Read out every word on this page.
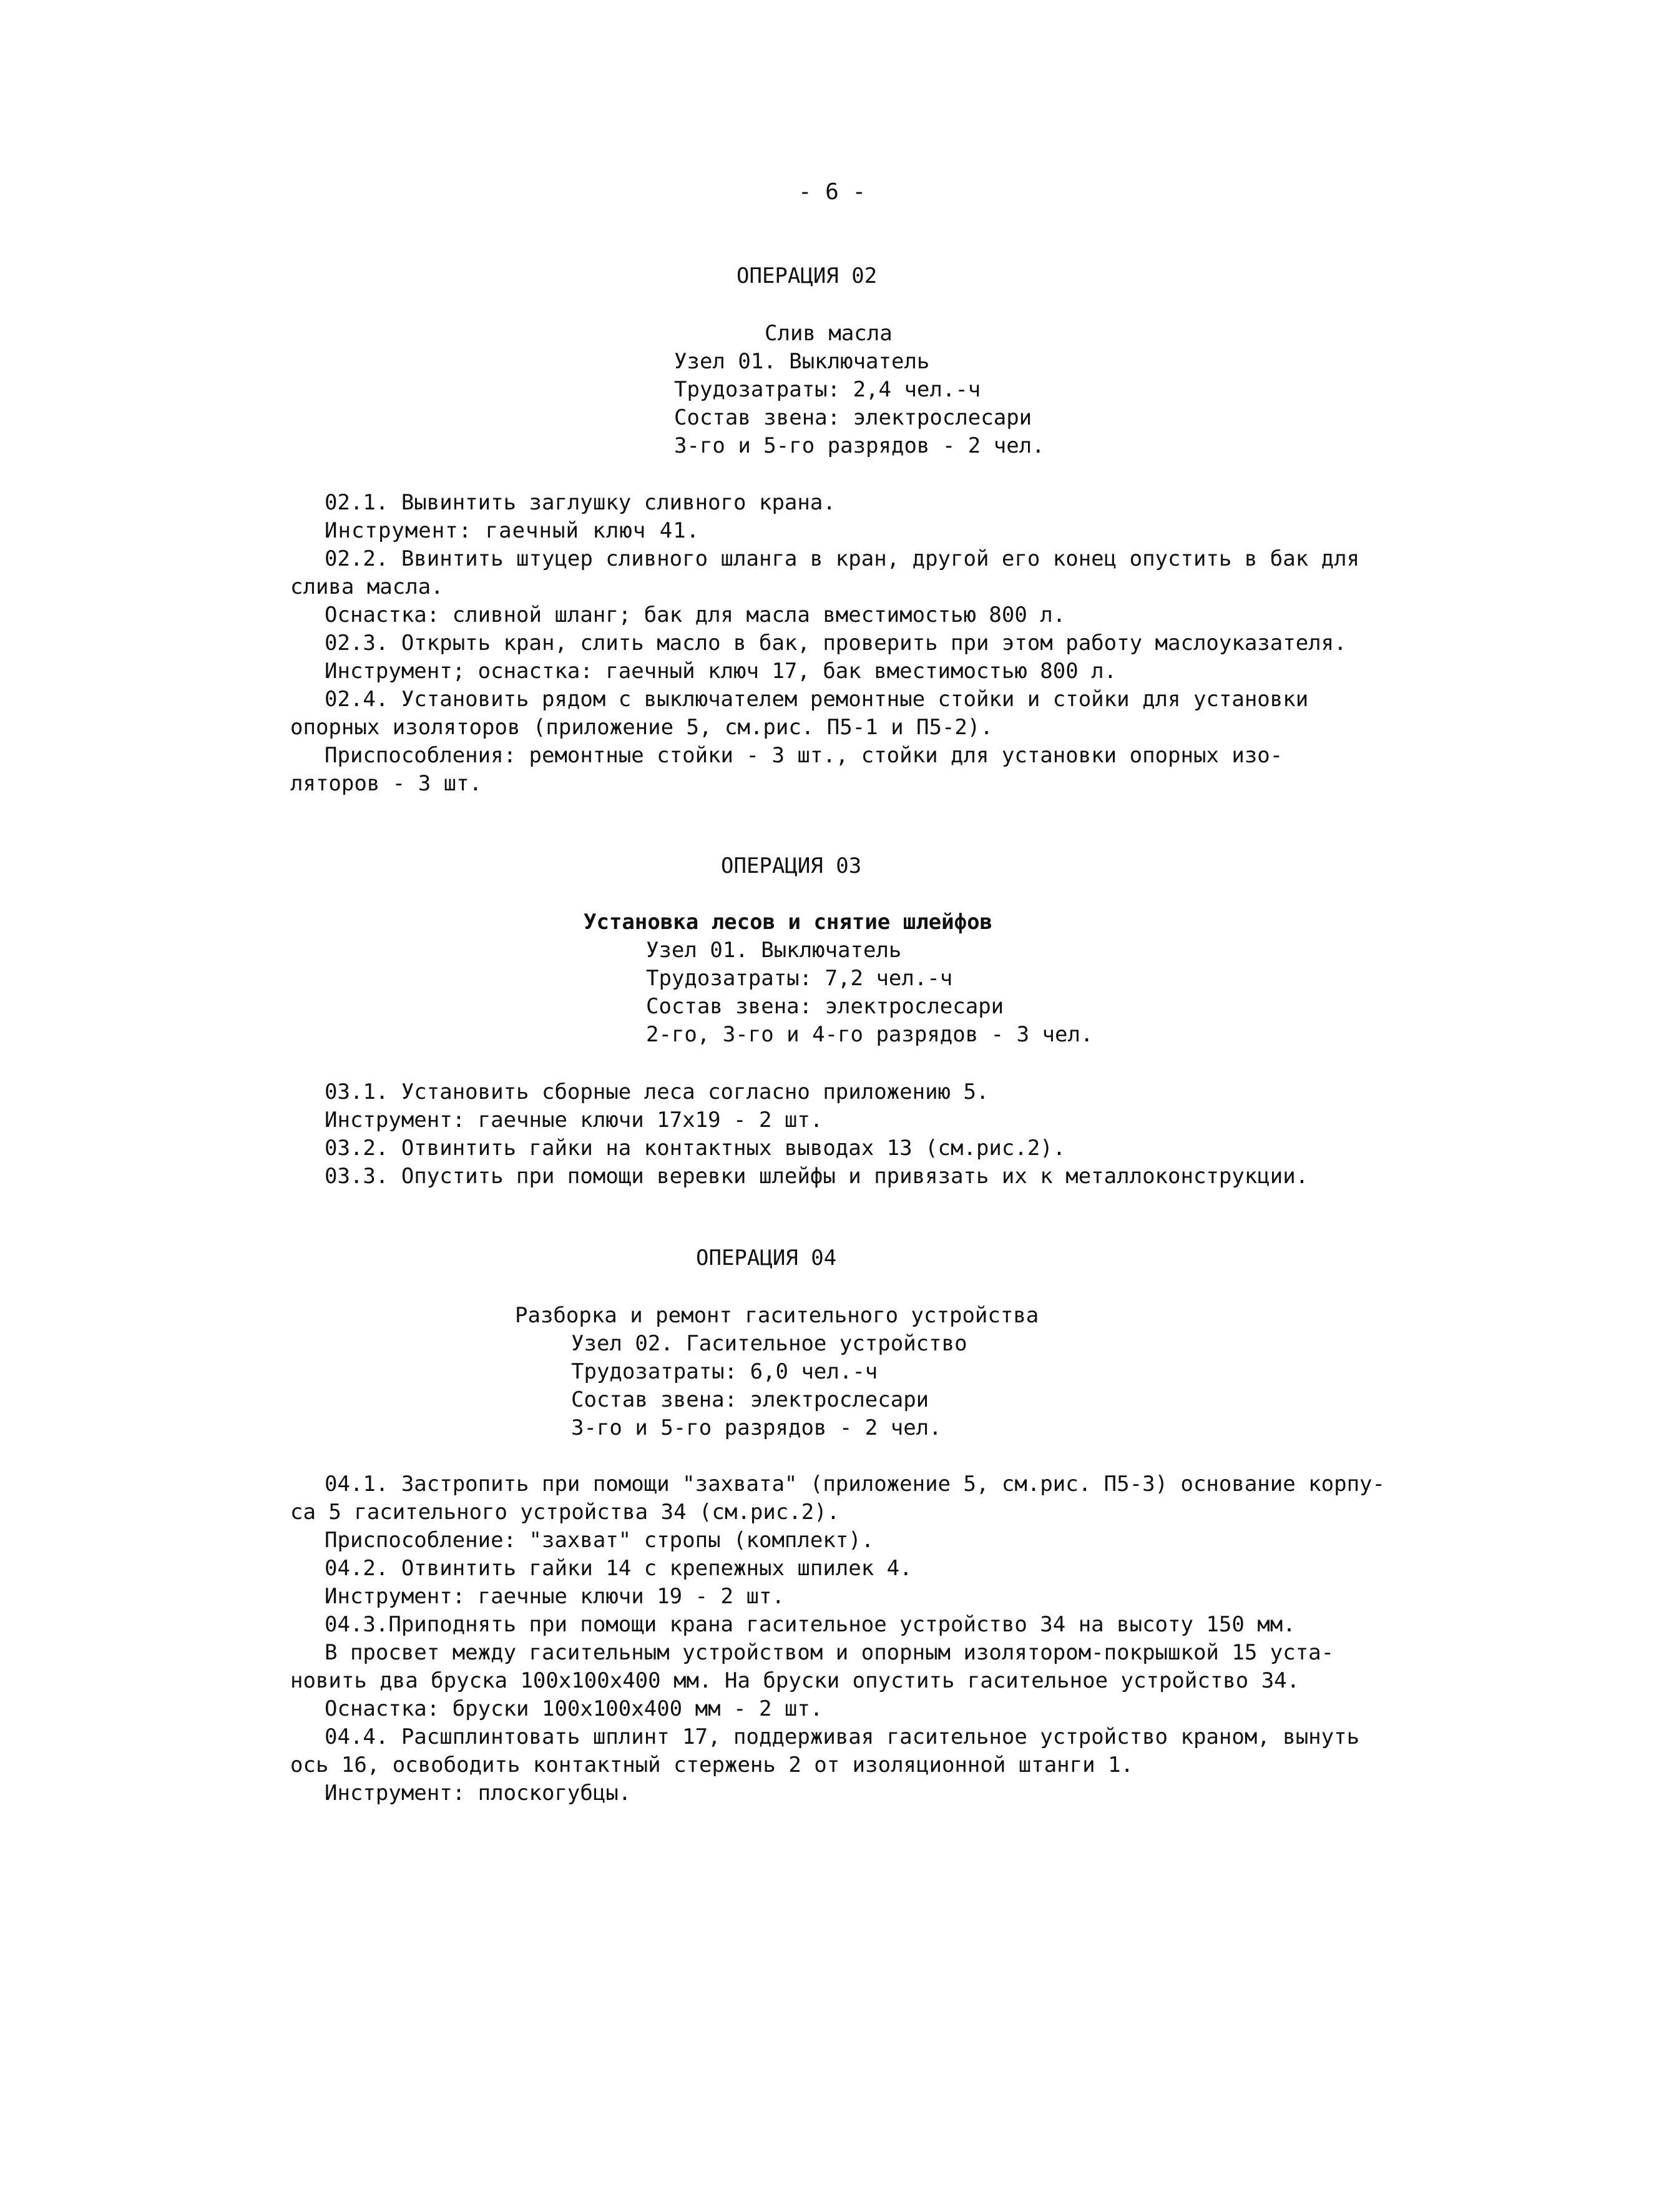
- 6 -
ОПЕРАЦИЯ 02
Слив масла
Узел 01. Выключатель
Трудозатраты: 2,4 чел.-ч
Состав звена: электрослесари
3-го и 5-го разрядов - 2 чел.
02.1. Вывинтить заглушку сливного крана.
Инструмент: гаечный ключ 41.
02.2. Ввинтить штуцер сливного шланга в кран, другой его конец опустить в бак для
слива масла.
Оснастка: сливной шланг; бак для масла вместимостью 800 л.
02.3. Открыть кран, слить масло в бак, проверить при этом работу маслоуказателя.
Инструмент; оснастка: гаечный ключ 17, бак вместимостью 800 л.
02.4. Установить рядом с выключателем ремонтные стойки и стойки для установки
опорных изоляторов (приложение 5, см.рис. П5-1 и П5-2).
Приспособления: ремонтные стойки - 3 шт., стойки для установки опорных изо-
ляторов - 3 шт.
ОПЕРАЦИЯ 03
Установка лесов и снятие шлейфов
Узел 01. Выключатель
Трудозатраты: 7,2 чел.-ч
Состав звена: электрослесари
2-го, 3-го и 4-го разрядов - 3 чел.
03.1. Установить сборные леса согласно приложению 5.
Инструмент: гаечные ключи 17х19 - 2 шт.
03.2. Отвинтить гайки на контактных выводах 13 (см.рис.2).
03.3. Опустить при помощи веревки шлейфы и привязать их к металлоконструкции.
ОПЕРАЦИЯ 04
Разборка и ремонт гасительного устройства
Узел 02. Гасительное устройство
Трудозатраты: 6,0 чел.-ч
Состав звена: электрослесари
3-го и 5-го разрядов - 2 чел.
04.1. Застропить при помощи "захвата" (приложение 5, см.рис. П5-3) основание корпу-
са 5 гасительного устройства 34 (см.рис.2).
Приспособление: "захват" стропы (комплект).
04.2. Отвинтить гайки 14 с крепежных шпилек 4.
Инструмент: гаечные ключи 19 - 2 шт.
04.3.Приподнять при помощи крана гасительное устройство 34 на высоту 150 мм.
В просвет между гасительным устройством и опорным изолятором-покрышкой 15 уста-
новить два бруска 100х100х400 мм. На бруски опустить гасительное устройство 34.
Оснастка: бруски 100х100х400 мм - 2 шт.
04.4. Расшплинтовать шплинт 17, поддерживая гасительное устройство краном, вынуть
ось 16, освободить контактный стержень 2 от изоляционной штанги 1.
Инструмент: плоскогубцы.
